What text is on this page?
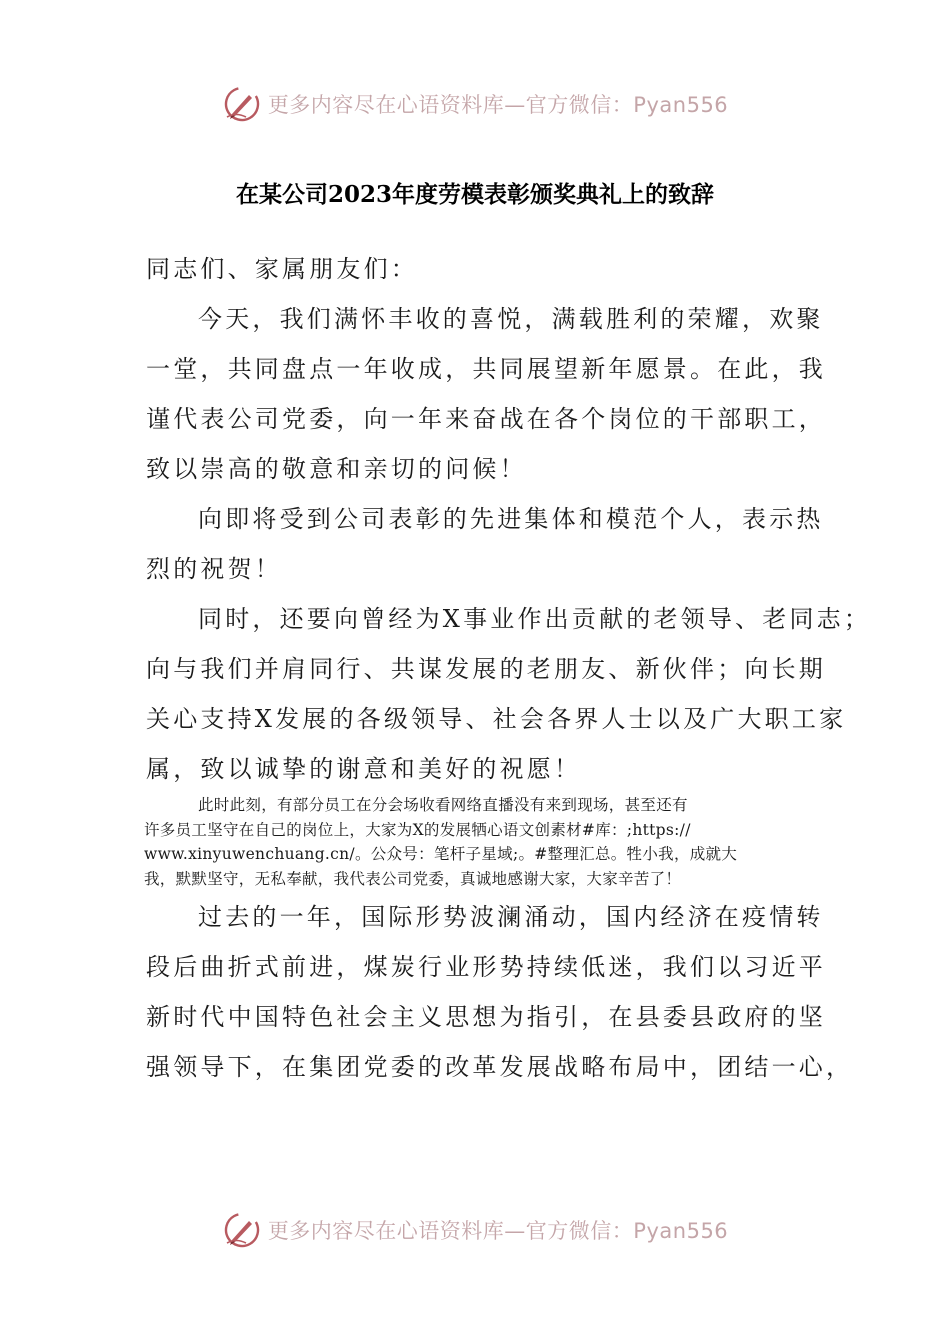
更多内容尽在心语资料库—官方微信：Pyan556
在某公司2023年度劳模表彰颁奖典礼上的致辞
同志们、家属朋友们：
今天，我们满怀丰收的喜悦，满载胜利的荣耀，欢聚
一堂，共同盘点一年收成，共同展望新年愿景。在此，我
谨代表公司党委，向一年来奋战在各个岗位的干部职工，
致以崇高的敬意和亲切的问候！
向即将受到公司表彰的先进集体和模范个人，表示热
烈的祝贺！
同时，还要向曾经为X事业作出贡献的老领导、老同志；
向与我们并肩同行、共谋发展的老朋友、新伙伴；向长期
关心支持X发展的各级领导、社会各界人士以及广大职工家
属，致以诚挚的谢意和美好的祝愿！
此时此刻，有部分员工在分会场收看网络直播没有来到现场，甚至还有
许多员工坚守在自己的岗位上，大家为X的发展牺心语文创素材#库：;https://
www.xinyuwenchuang.cn/。公众号：笔杆子星域;。#整理汇总。牲小我，成就大
我，默默坚守，无私奉献，我代表公司党委，真诚地感谢大家，大家辛苦了！
过去的一年，国际形势波澜涌动，国内经济在疫情转
段后曲折式前进，煤炭行业形势持续低迷，我们以习近平
新时代中国特色社会主义思想为指引，在县委县政府的坚
强领导下，在集团党委的改革发展战略布局中，团结一心，
更多内容尽在心语资料库—官方微信：Pyan556
